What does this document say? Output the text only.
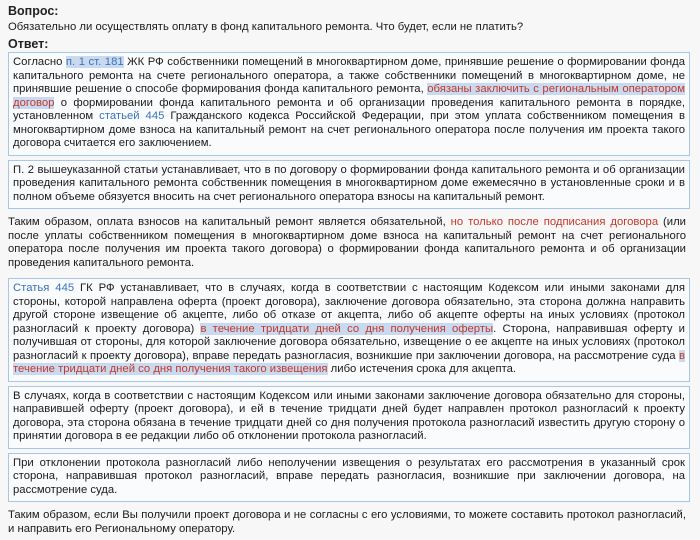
Вопрос:
Обязательно ли осуществлять оплату в фонд капитального ремонта. Что будет, если не платить?
Ответ:
Согласно п. 1 ст. 181 ЖК РФ собственники помещений в многоквартирном доме, принявшие решение о формировании фонда капитального ремонта на счете регионального оператора, а также собственники помещений в многоквартирном доме, не принявшие решение о способе формирования фонда капитального ремонта, обязаны заключить с региональным оператором договор о формировании фонда капитального ремонта и об организации проведения капитального ремонта в порядке, установленном статьей 445 Гражданского кодекса Российской Федерации, при этом уплата собственником помещения в многоквартирном доме взноса на капитальный ремонт на счет регионального оператора после получения им проекта такого договора считается его заключением.
П. 2 вышеуказанной статьи устанавливает, что в по договору о формировании фонда капитального ремонта и об организации проведения капитального ремонта собственник помещения в многоквартирном доме ежемесячно в установленные сроки и в полном объеме обязуется вносить на счет регионального оператора взносы на капитальный ремонт.
Таким образом, оплата взносов на капитальный ремонт является обязательной, но только после подписания договора (или после уплаты собственником помещения в многоквартирном доме взноса на капитальный ремонт на счет регионального оператора после получения им проекта такого договора) о формировании фонда капитального ремонта и об организации проведения капитального ремонта.
Статья 445 ГК РФ устанавливает, что в случаях, когда в соответствии с настоящим Кодексом или иными законами для стороны, которой направлена оферта (проект договора), заключение договора обязательно, эта сторона должна направить другой стороне извещение об акцепте, либо об отказе от акцепта, либо об акцепте оферты на иных условиях (протокол разногласий к проекту договора) в течение тридцати дней со дня получения оферты. Сторона, направившая оферту и получившая от стороны, для которой заключение договора обязательно, извещение о ее акцепте на иных условиях (протокол разногласий к проекту договора), вправе передать разногласия, возникшие при заключении договора, на рассмотрение суда в течение тридцати дней со дня получения такого извещения либо истечения срока для акцепта.
В случаях, когда в соответствии с настоящим Кодексом или иными законами заключение договора обязательно для стороны, направившей оферту (проект договора), и ей в течение тридцати дней будет направлен протокол разногласий к проекту договора, эта сторона обязана в течение тридцати дней со дня получения протокола разногласий известить другую сторону о принятии договора в ее редакции либо об отклонении протокола разногласий.
При отклонении протокола разногласий либо неполучении извещения о результатах его рассмотрения в указанный срок сторона, направившая протокол разногласий, вправе передать разногласия, возникшие при заключении договора, на рассмотрение суда.
Таким образом, если Вы получили проект договора и не согласны с его условиями, то можете составить протокол разногласий, и направить его Региональному оператору.
